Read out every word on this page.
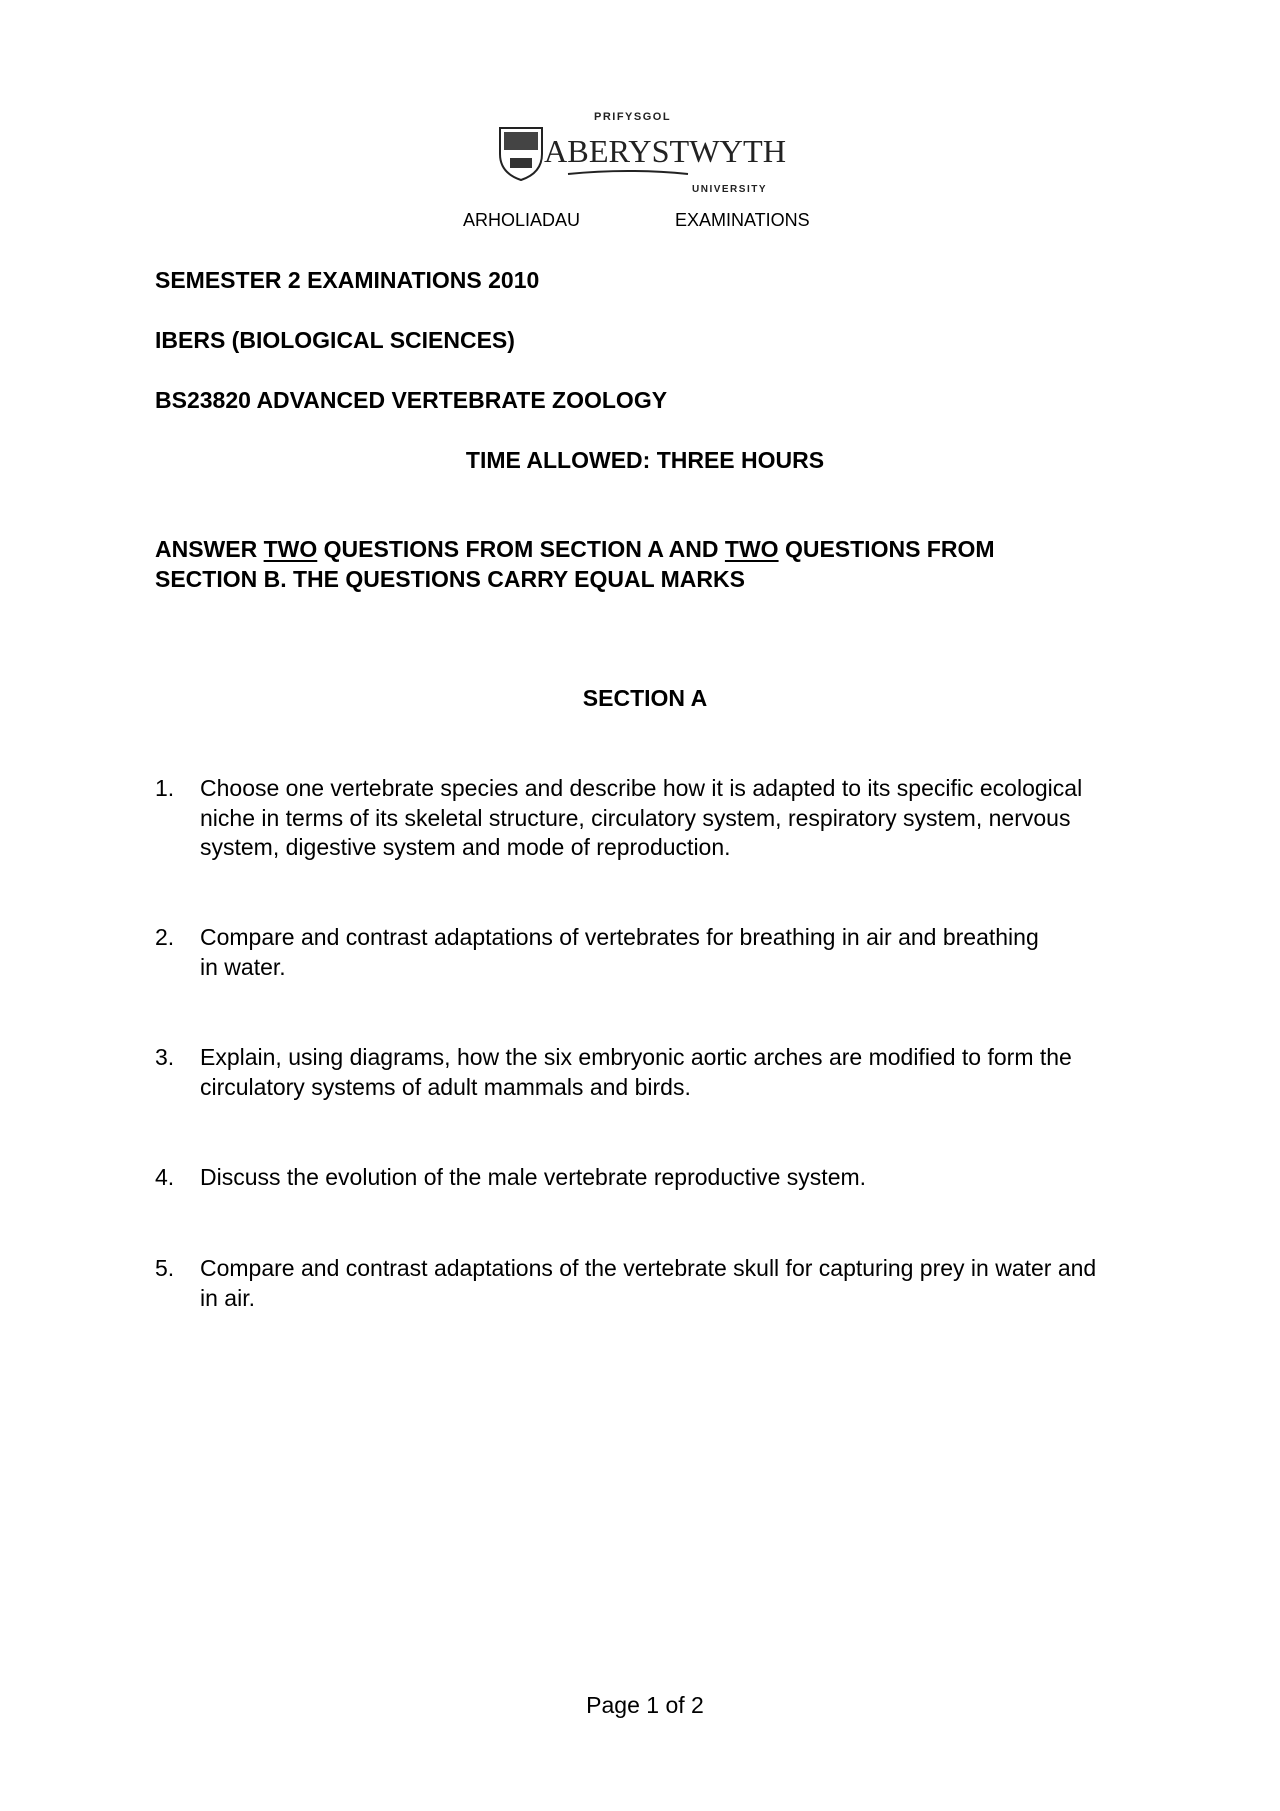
PRIFYSGOL
ABERYSTWYTH
UNIVERSITY
ARHOLIADAU	EXAMINATIONS
SEMESTER 2 EXAMINATIONS 2010
IBERS (BIOLOGICAL SCIENCES)
BS23820 ADVANCED VERTEBRATE ZOOLOGY
TIME ALLOWED: THREE HOURS
ANSWER TWO QUESTIONS FROM SECTION A AND TWO QUESTIONS FROM
SECTION B. THE QUESTIONS CARRY EQUAL MARKS
SECTION A
1. Choose one vertebrate species and describe how it is adapted to its specific ecological niche in terms of its skeletal structure, circulatory system, respiratory system, nervous system, digestive system and mode of reproduction.
2. Compare and contrast adaptations of vertebrates for breathing in air and breathing in water.
3. Explain, using diagrams, how the six embryonic aortic arches are modified to form the circulatory systems of adult mammals and birds.
4. Discuss the evolution of the male vertebrate reproductive system.
5. Compare and contrast adaptations of the vertebrate skull for capturing prey in water and in air.
Page 1 of 2
